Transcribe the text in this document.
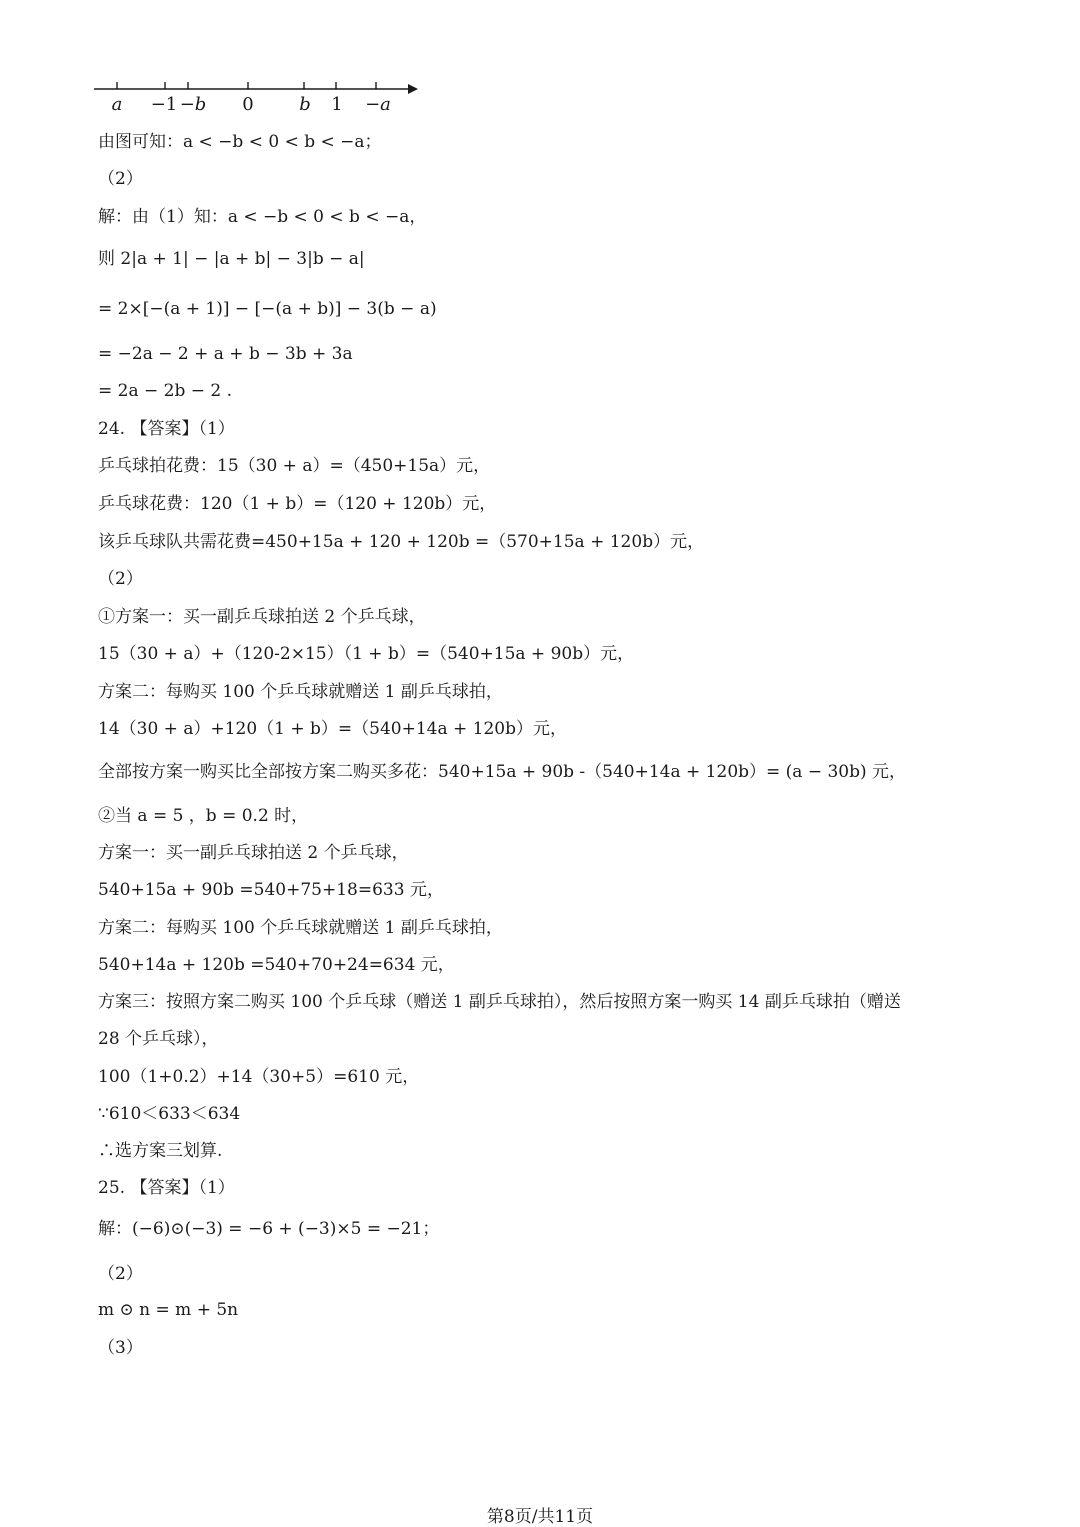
a −1 −b 0	b 1 −a
由图可知：a < −b < 0 < b < −a；
（2）
解：由（1）知：a < −b < 0 < b < −a，
则 2|a + 1| − |a + b| − 3|b − a|
= 2×[−(a + 1)] − [−(a + b)] − 3(b − a)
= −2a − 2 + a + b − 3b + 3a
= 2a − 2b − 2 .
24. 【答案】（1）
乒乓球拍花费：15（30 + a）=（450+15a）元，
乒乓球花费：120（1 + b）=（120 + 120b）元，
该乒乓球队共需花费=450+15a + 120 + 120b =（570+15a + 120b）元，
（2）
①方案一：买一副乒乓球拍送 2 个乒乓球，
15（30 + a）+（120-2×15）（1 + b）=（540+15a + 90b）元，
方案二：每购买 100 个乒乓球就赠送 1 副乒乓球拍，
14（30 + a）+120（1 + b）=（540+14a + 120b）元，
全部按方案一购买比全部按方案二购买多花：540+15a + 90b -（540+14a + 120b）= (a − 30b) 元，
②当 a = 5 ，b = 0.2 时，
方案一：买一副乒乓球拍送 2 个乒乓球，
540+15a + 90b =540+75+18=633 元，
方案二：每购买 100 个乒乓球就赠送 1 副乒乓球拍，
540+14a + 120b =540+70+24=634 元，
方案三：按照方案二购买 100 个乒乓球（赠送 1 副乒乓球拍），然后按照方案一购买 14 副乒乓球拍（赠送
28 个乒乓球），
100（1+0.2）+14（30+5）=610 元，
∵610＜633＜634
∴选方案三划算.
25. 【答案】（1）
解：(−6)⊙(−3) = −6 + (−3)×5 = −21；
（2）
m ⊙ n = m + 5n
（3）
第8页/共11页
